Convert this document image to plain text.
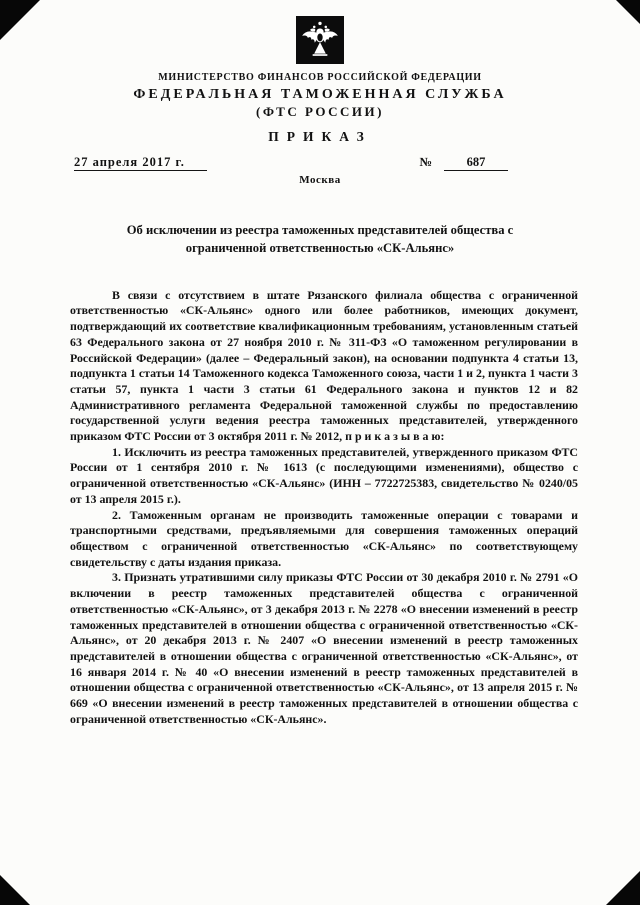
МИНИСТЕРСТВО ФИНАНСОВ РОССИЙСКОЙ ФЕДЕРАЦИИ
ФЕДЕРАЛЬНАЯ ТАМОЖЕННАЯ СЛУЖБА
(ФТС РОССИИ)
ПРИКАЗ
27 апреля 2017 г.	№	687
Москва
Об исключении из реестра таможенных представителей общества с ограниченной ответственностью «СК-Альянс»

В связи с отсутствием в штате Рязанского филиала общества с ограниченной ответственностью «СК-Альянс» одного или более работников, имеющих документ, подтверждающий их соответствие квалификационным требованиям, установленным статьей 63 Федерального закона от 27 ноября 2010 г. № 311-ФЗ «О таможенном регулировании в Российской Федерации» (далее – Федеральный закон), на основании подпункта 4 статьи 13, подпункта 1 статьи 14 Таможенного кодекса Таможенного союза, части 1 и 2, пункта 1 части 3 статьи 57, пункта 1 части 3 статьи 61 Федерального закона и пунктов 12 и 82 Административного регламента Федеральной таможенной службы по предоставлению государственной услуги ведения реестра таможенных представителей, утвержденного приказом ФТС России от 3 октября 2011 г. № 2012, п р и к а з ы в а ю:

1. Исключить из реестра таможенных представителей, утвержденного приказом ФТС России от 1 сентября 2010 г. № 1613 (с последующими изменениями), общество с ограниченной ответственностью «СК-Альянс» (ИНН – 7722725383, свидетельство № 0240/05 от 13 апреля 2015 г.).

2. Таможенным органам не производить таможенные операции с товарами и транспортными средствами, предъявляемыми для совершения таможенных операций обществом с ограниченной ответственностью «СК-Альянс» по соответствующему свидетельству с даты издания приказа.

3. Признать утратившими силу приказы ФТС России от 30 декабря 2010 г. № 2791 «О включении в реестр таможенных представителей общества с ограниченной ответственностью «СК-Альянс», от 3 декабря 2013 г. № 2278 «О внесении изменений в реестр таможенных представителей в отношении общества с ограниченной ответственностью «СК-Альянс», от 20 декабря 2013 г. № 2407 «О внесении изменений в реестр таможенных представителей в отношении общества с ограниченной ответственностью «СК-Альянс», от 16 января 2014 г. № 40 «О внесении изменений в реестр таможенных представителей в отношении общества с ограниченной ответственностью «СК-Альянс», от 13 апреля 2015 г. № 669 «О внесении изменений в реестр таможенных представителей в отношении общества с ограниченной ответственностью «СК-Альянс».
